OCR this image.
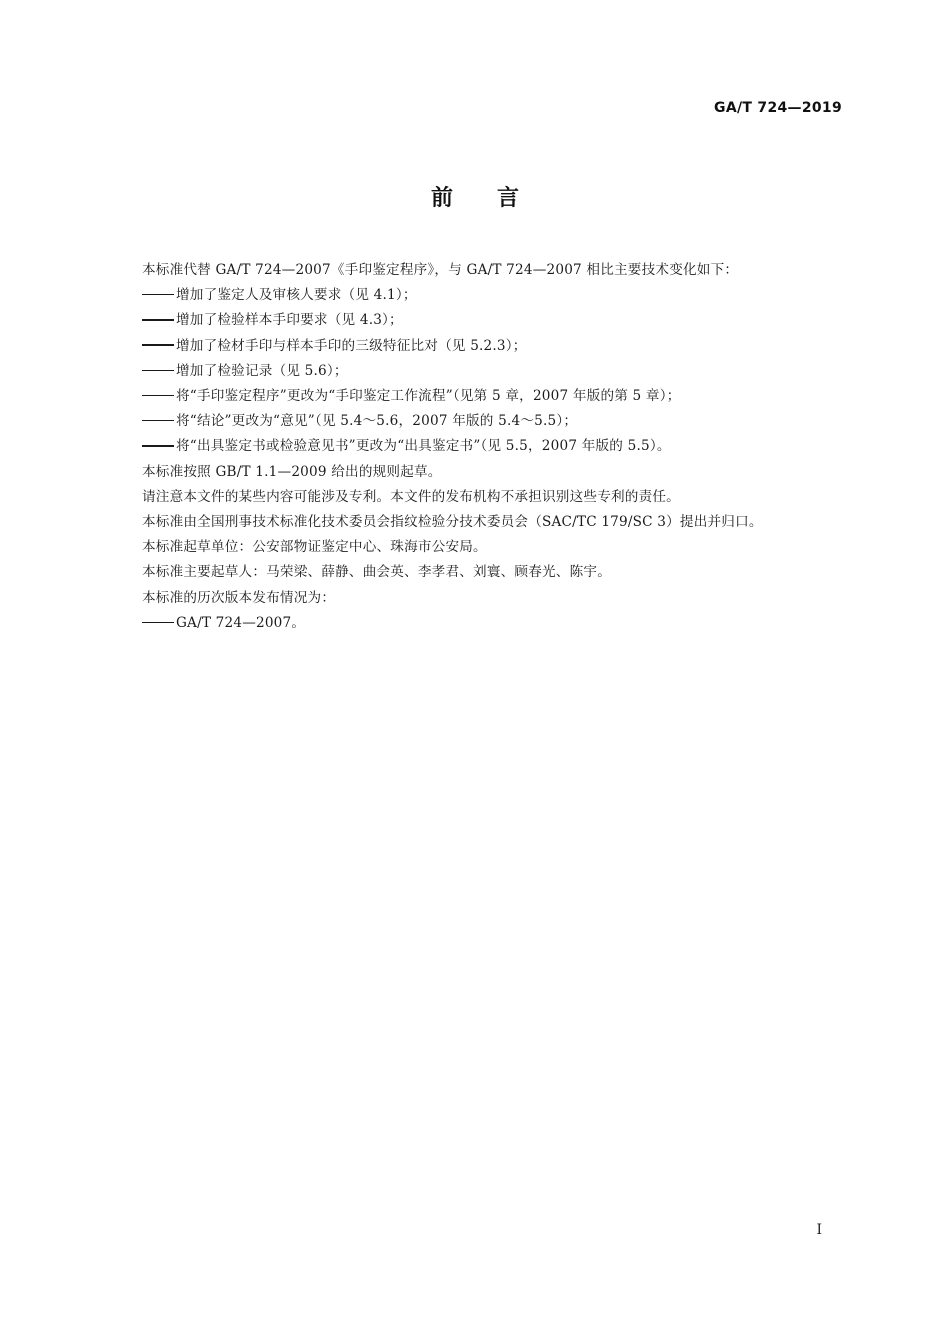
GA/T 724—2019
前言

本标准代替 GA/T 724—2007《手印鉴定程序》，与 GA/T 724—2007 相比主要技术变化如下：

增加了鉴定人及审核人要求（见 4.1）；

增加了检验样本手印要求（见 4.3）；

增加了检材手印与样本手印的三级特征比对（见 5.2.3）；

增加了检验记录（见 5.6）；

将“手印鉴定程序”更改为“手印鉴定工作流程”（见第 5 章，2007 年版的第 5 章）；

将“结论”更改为“意见”（见 5.4～5.6，2007 年版的 5.4～5.5）；

将“出具鉴定书或检验意见书”更改为“出具鉴定书”（见 5.5，2007 年版的 5.5）。

本标准按照 GB/T 1.1—2009 给出的规则起草。

请注意本文件的某些内容可能涉及专利。本文件的发布机构不承担识别这些专利的责任。

本标准由全国刑事技术标准化技术委员会指纹检验分技术委员会（SAC/TC 179/SC 3）提出并归口。

本标准起草单位：公安部物证鉴定中心、珠海市公安局。

本标准主要起草人：马荣梁、薛静、曲会英、李孝君、刘寰、顾春光、陈宇。

本标准的历次版本发布情况为：

GA/T 724—2007。

I
